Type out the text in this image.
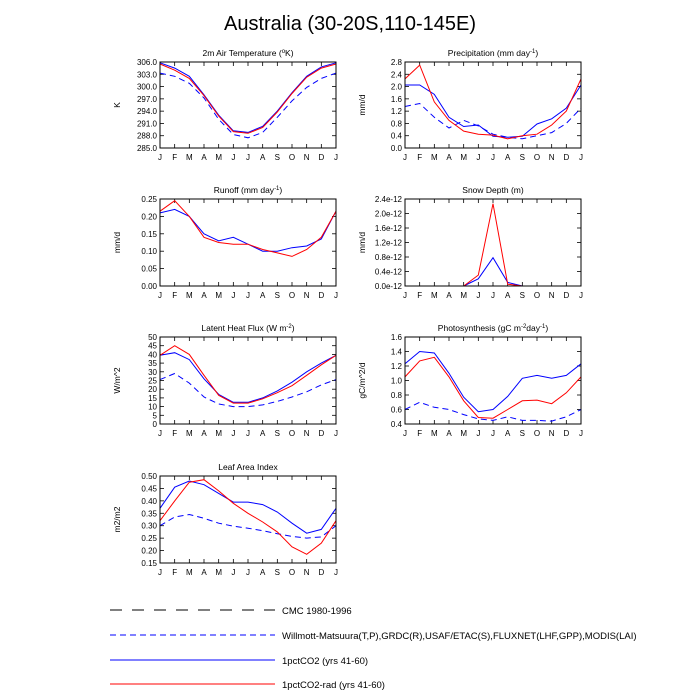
Australia (30-20S,110-145E)
2m Air Temperature ($^o$K)
K
285.0
288.0
291.0
294.0
297.0
300.0
303.0
306.0
J F M A M J J A S O N D J
Precipitation (mm day$^{-1}$)
mm/d
0.0
0.4
0.8
1.2
1.6
2.0
2.4
2.8
J F M A M J J A S O N D J
Runoff (mm day$^{-1}$)
mm/d
0.00
0.05
0.10
0.15
0.20
0.25
J F M A M J J A S O N D J
Snow Depth (m)
mm/d
0.0e-12
0.4e-12
0.8e-12
1.2e-12
1.6e-12
2.0e-12
2.4e-12
J F M A M J J A S O N D J
Latent Heat Flux (W $m^{-2}$)
W/m^2
0
5
10
15
20
25
30
35
40
45
50
J F M A M J J A S O N D J
Photosynthesis (gC $m^{-2}day^{-1}$)
gC/m^2/d
0.4
0.6
0.8
1.0
1.2
1.4
1.6
J F M A M J J A S O N D J
Leaf Area Index
m2/m2
0.15
0.20
0.25
0.30
0.35
0.40
0.45
0.50
J F M A M J J A S O N D J
CMC 1980-1996
Willmott-Matsuura(T,P),GRDC(R),USAF/ETAC(S),FLUXNET(LHF,GPP),MODIS(LAI)
1pctCO2 (yrs 41-60)
1pctCO2-rad (yrs 41-60)
